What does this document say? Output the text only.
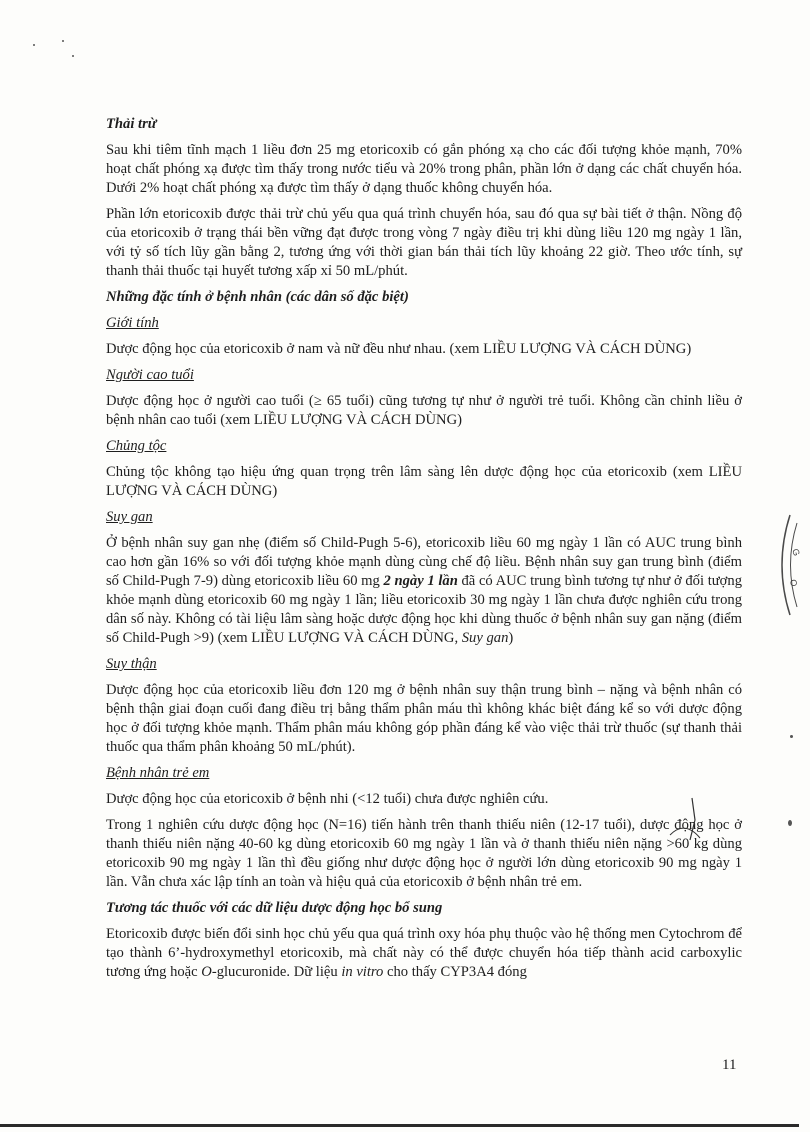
Thải trừ

Sau khi tiêm tĩnh mạch 1 liều đơn 25 mg etoricoxib có gắn phóng xạ cho các đối tượng khỏe mạnh, 70% hoạt chất phóng xạ được tìm thấy trong nước tiểu và 20% trong phân, phần lớn ở dạng các chất chuyển hóa. Dưới 2% hoạt chất phóng xạ được tìm thấy ở dạng thuốc không chuyển hóa.

Phần lớn etoricoxib được thải trừ chủ yếu qua quá trình chuyển hóa, sau đó qua sự bài tiết ở thận. Nồng độ của etoricoxib ở trạng thái bền vững đạt được trong vòng 7 ngày điều trị khi dùng liều 120 mg ngày 1 lần, với tỷ số tích lũy gần bằng 2, tương ứng với thời gian bán thải tích lũy khoảng 22 giờ. Theo ước tính, sự thanh thải thuốc tại huyết tương xấp xỉ 50 mL/phút.

Những đặc tính ở bệnh nhân (các dân số đặc biệt)

Giới tính

Dược động học của etoricoxib ở nam và nữ đều như nhau. (xem LIỀU LƯỢNG VÀ CÁCH DÙNG)

Người cao tuổi

Dược động học ở người cao tuổi (≥ 65 tuổi) cũng tương tự như ở người trẻ tuổi. Không cần chỉnh liều ở bệnh nhân cao tuổi (xem LIỀU LƯỢNG VÀ CÁCH DÙNG)

Chủng tộc

Chủng tộc không tạo hiệu ứng quan trọng trên lâm sàng lên dược động học của etoricoxib (xem LIỀU LƯỢNG VÀ CÁCH DÙNG)

Suy gan

Ở bệnh nhân suy gan nhẹ (điểm số Child-Pugh 5-6), etoricoxib liều 60 mg ngày 1 lần có AUC trung bình cao hơn gần 16% so với đối tượng khỏe mạnh dùng cùng chế độ liều. Bệnh nhân suy gan trung bình (điểm số Child-Pugh 7-9) dùng etoricoxib liều 60 mg 2 ngày 1 lần đã có AUC trung bình tương tự như ở đối tượng khỏe mạnh dùng etoricoxib 60 mg ngày 1 lần; liều etoricoxib 30 mg ngày 1 lần chưa được nghiên cứu trong dân số này. Không có tài liệu lâm sàng hoặc dược động học khi dùng thuốc ở bệnh nhân suy gan nặng (điểm số Child-Pugh >9) (xem LIỀU LƯỢNG VÀ CÁCH DÙNG, Suy gan)

Suy thận

Dược động học của etoricoxib liều đơn 120 mg ở bệnh nhân suy thận trung bình – nặng và bệnh nhân có bệnh thận giai đoạn cuối đang điều trị bằng thẩm phân máu thì không khác biệt đáng kể so với dược động học ở đối tượng khỏe mạnh. Thẩm phân máu không góp phần đáng kể vào việc thải trừ thuốc (sự thanh thải thuốc qua thẩm phân khoảng 50 mL/phút).

Bệnh nhân trẻ em

Dược động học của etoricoxib ở bệnh nhi (<12 tuổi) chưa được nghiên cứu.

Trong 1 nghiên cứu dược động học (N=16) tiến hành trên thanh thiếu niên (12-17 tuổi), dược động học ở thanh thiếu niên nặng 40-60 kg dùng etoricoxib 60 mg ngày 1 lần và ở thanh thiếu niên nặng >60 kg dùng etoricoxib 90 mg ngày 1 lần thì đều giống như dược động học ở người lớn dùng etoricoxib 90 mg ngày 1 lần. Vẫn chưa xác lập tính an toàn và hiệu quả của etoricoxib ở bệnh nhân trẻ em.

Tương tác thuốc với các dữ liệu dược động học bổ sung

Etoricoxib được biến đổi sinh học chủ yếu qua quá trình oxy hóa phụ thuộc vào hệ thống men Cytochrom để tạo thành 6’-hydroxymethyl etoricoxib, mà chất này có thể được chuyển hóa tiếp thành acid carboxylic tương ứng hoặc O-glucuronide. Dữ liệu in vitro cho thấy CYP3A4 đóng

G
O
11
